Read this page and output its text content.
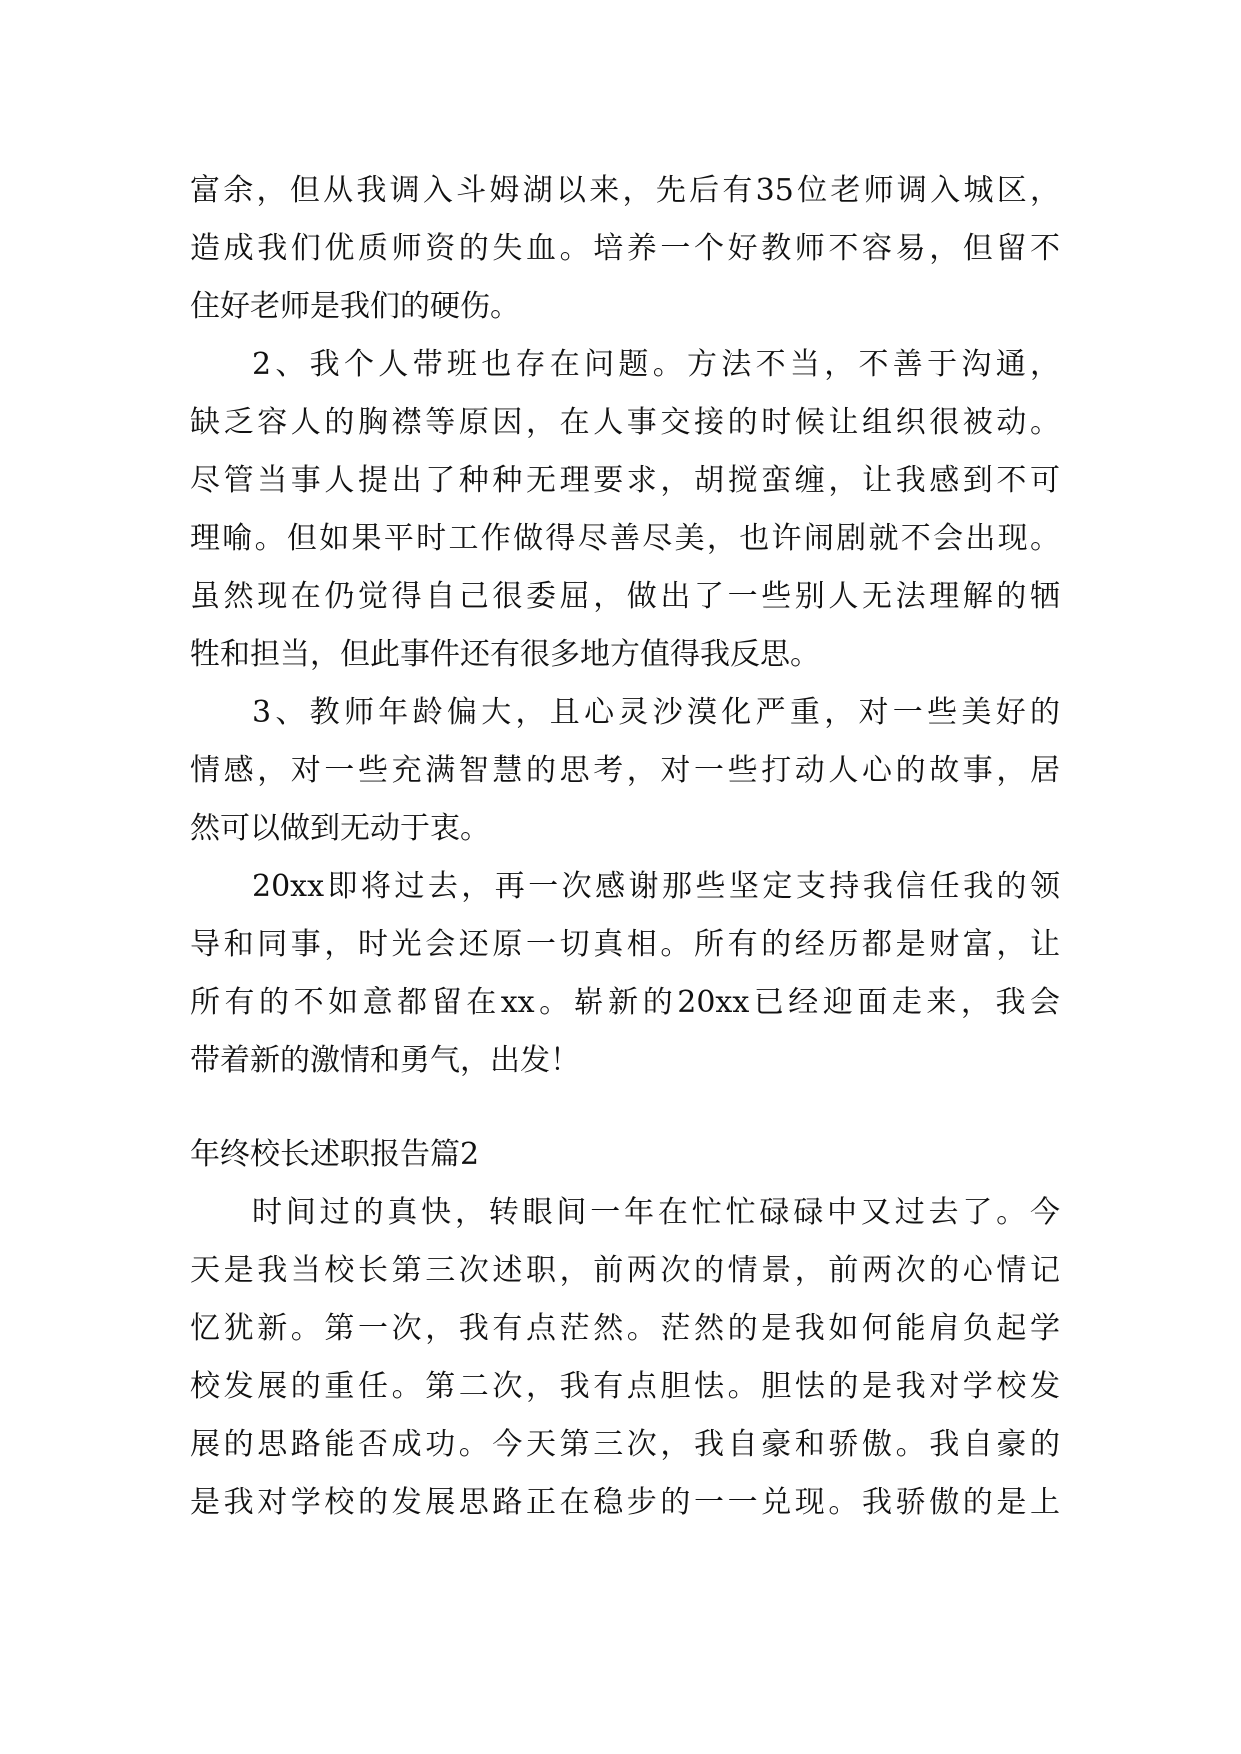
富余，但从我调入斗姆湖以来，先后有35位老师调入城区，
造成我们优质师资的失血。培养一个好教师不容易，但留不
住好老师是我们的硬伤。
2、我个人带班也存在问题。方法不当，不善于沟通，
缺乏容人的胸襟等原因，在人事交接的时候让组织很被动。
尽管当事人提出了种种无理要求，胡搅蛮缠，让我感到不可
理喻。但如果平时工作做得尽善尽美，也许闹剧就不会出现。
虽然现在仍觉得自己很委屈，做出了一些别人无法理解的牺
牲和担当，但此事件还有很多地方值得我反思。
3、教师年龄偏大，且心灵沙漠化严重，对一些美好的
情感，对一些充满智慧的思考，对一些打动人心的故事，居
然可以做到无动于衷。
20xx即将过去，再一次感谢那些坚定支持我信任我的领
导和同事，时光会还原一切真相。所有的经历都是财富，让
所有的不如意都留在xx。崭新的20xx已经迎面走来，我会
带着新的激情和勇气，出发！
年终校长述职报告篇2
时间过的真快，转眼间一年在忙忙碌碌中又过去了。今
天是我当校长第三次述职，前两次的情景，前两次的心情记
忆犹新。第一次，我有点茫然。茫然的是我如何能肩负起学
校发展的重任。第二次，我有点胆怯。胆怯的是我对学校发
展的思路能否成功。今天第三次，我自豪和骄傲。我自豪的
是我对学校的发展思路正在稳步的一一兑现。我骄傲的是上
